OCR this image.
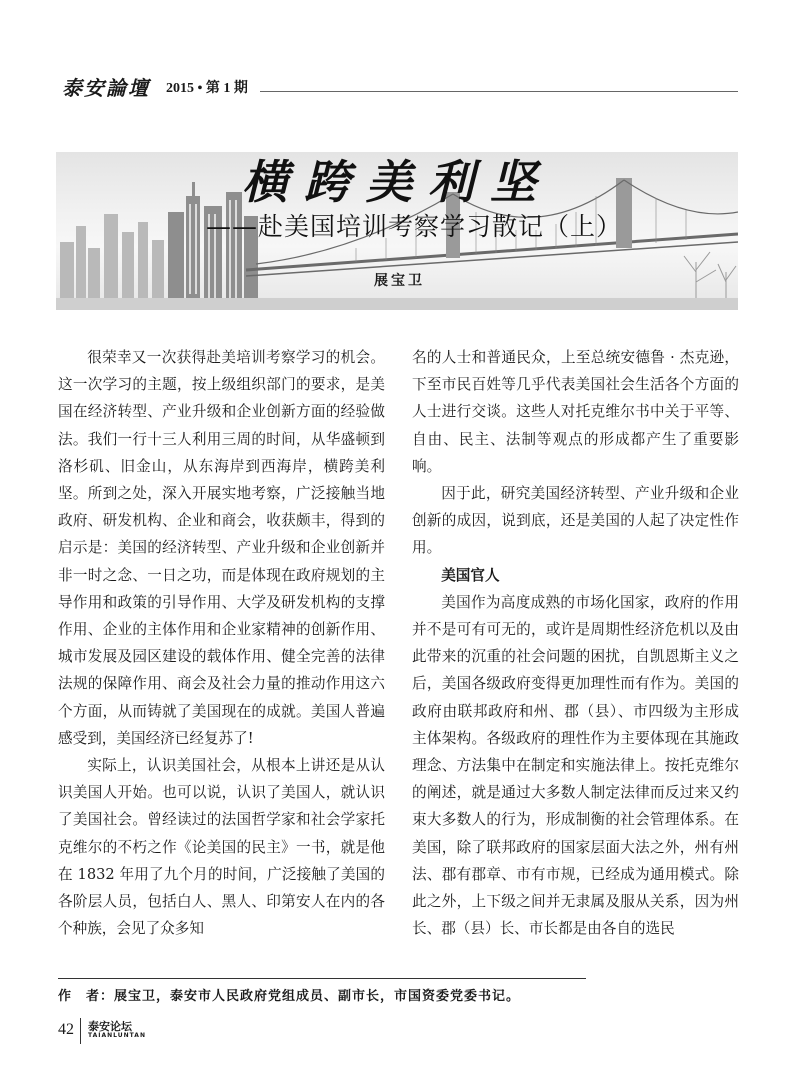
泰安論壇 2015 • 第 1 期
横跨美利坚
——赴美国培训考察学习散记（上）
展宝卫

很荣幸又一次获得赴美培训考察学习的机会。这一次学习的主题，按上级组织部门的要求，是美国在经济转型、产业升级和企业创新方面的经验做法。我们一行十三人利用三周的时间，从华盛顿到洛杉矶、旧金山，从东海岸到西海岸，横跨美利坚。所到之处，深入开展实地考察，广泛接触当地政府、研发机构、企业和商会，收获颇丰，得到的启示是：美国的经济转型、产业升级和企业创新并非一时之念、一日之功，而是体现在政府规划的主导作用和政策的引导作用、大学及研发机构的支撑作用、企业的主体作用和企业家精神的创新作用、城市发展及园区建设的载体作用、健全完善的法律法规的保障作用、商会及社会力量的推动作用这六个方面，从而铸就了美国现在的成就。美国人普遍感受到，美国经济已经复苏了!

实际上，认识美国社会，从根本上讲还是从认识美国人开始。也可以说，认识了美国人，就认识了美国社会。曾经读过的法国哲学家和社会学家托克维尔的不朽之作《论美国的民主》一书，就是他在 1832 年用了九个月的时间，广泛接触了美国的各阶层人员，包括白人、黑人、印第安人在内的各个种族，会见了众多知

名的人士和普通民众，上至总统安德鲁 · 杰克逊，下至市民百姓等几乎代表美国社会生活各个方面的人士进行交谈。这些人对托克维尔书中关于平等、自由、民主、法制等观点的形成都产生了重要影响。

因于此，研究美国经济转型、产业升级和企业创新的成因，说到底，还是美国的人起了决定性作用。

美国官人

美国作为高度成熟的市场化国家，政府的作用并不是可有可无的，或许是周期性经济危机以及由此带来的沉重的社会问题的困扰，自凯恩斯主义之后，美国各级政府变得更加理性而有作为。美国的政府由联邦政府和州、郡（县）、市四级为主形成主体架构。各级政府的理性作为主要体现在其施政理念、方法集中在制定和实施法律上。按托克维尔的阐述，就是通过大多数人制定法律而反过来又约束大多数人的行为，形成制衡的社会管理体系。在美国，除了联邦政府的国家层面大法之外，州有州法、郡有郡章、市有市规，已经成为通用模式。除此之外，上下级之间并无隶属及服从关系，因为州长、郡（县）长、市长都是由各自的选民

作　者：展宝卫，泰安市人民政府党组成员、副市长，市国资委党委书记。
42 泰安论坛
TAIANLUNTAN
